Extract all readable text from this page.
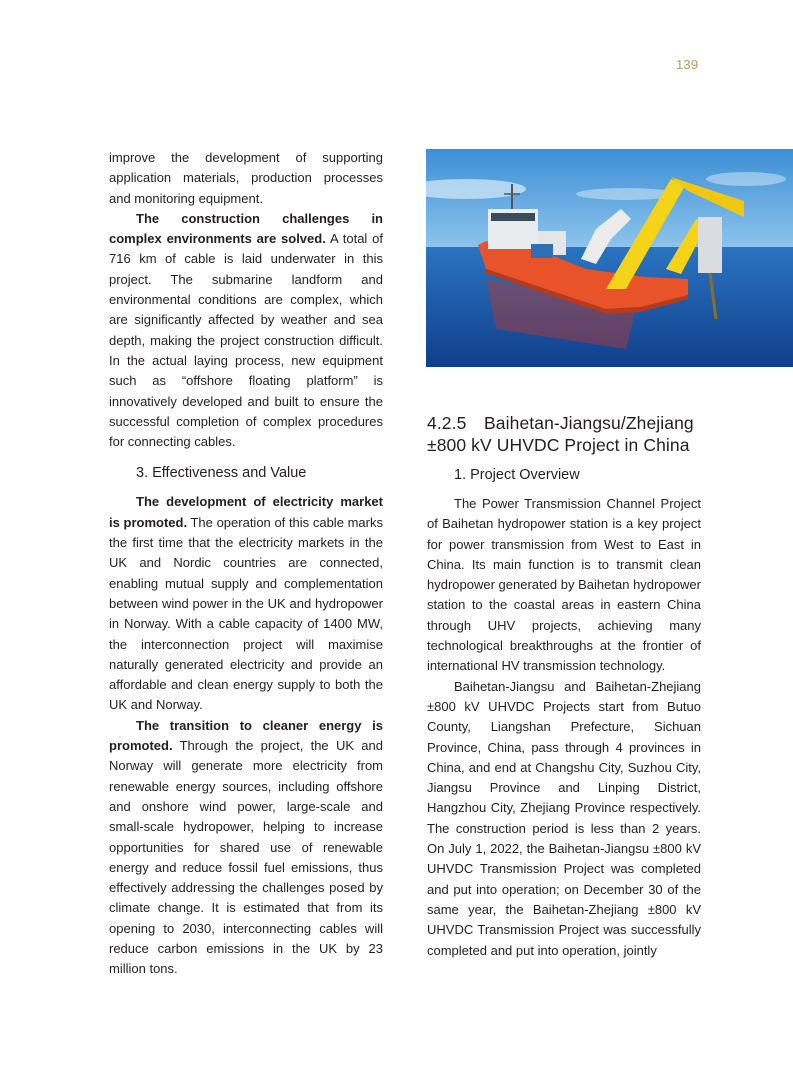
139

improve the development of supporting application materials, production processes and monitoring equipment.

The construction challenges in complex environments are solved. A total of 716 km of cable is laid underwater in this project. The submarine landform and environmental conditions are complex, which are significantly affected by weather and sea depth, making the project construction difficult. In the actual laying process, new equipment such as “offshore floating platform” is innovatively developed and built to ensure the successful completion of complex procedures for connecting cables.

3. Effectiveness and Value

The development of electricity market is promoted. The operation of this cable marks the first time that the electricity markets in the UK and Nordic countries are connected, enabling mutual supply and complementation between wind power in the UK and hydropower in Norway. With a cable capacity of 1400 MW, the interconnection project will maximise naturally generated electricity and provide an affordable and clean energy supply to both the UK and Norway.

The transition to cleaner energy is promoted. Through the project, the UK and Norway will generate more electricity from renewable energy sources, including offshore and onshore wind power, large-scale and small-scale hydropower, helping to increase opportunities for shared use of renewable energy and reduce fossil fuel emissions, thus effectively addressing the challenges posed by climate change. It is estimated that from its opening to 2030, interconnecting cables will reduce carbon emissions in the UK by 23 million tons.

4.2.5 Baihetan-Jiangsu/Zhejiang
±800 kV UHVDC Project in China
1. Project Overview

The Power Transmission Channel Project of Baihetan hydropower station is a key project for power transmission from West to East in China. Its main function is to transmit clean hydropower generated by Baihetan hydropower station to the coastal areas in eastern China through UHV projects, achieving many technological breakthroughs at the frontier of international HV transmission technology.

Baihetan-Jiangsu and Baihetan-Zhejiang ±800 kV UHVDC Projects start from Butuo County, Liangshan Prefecture, Sichuan Province, China, pass through 4 provinces in China, and end at Changshu City, Suzhou City, Jiangsu Province and Linping District, Hangzhou City, Zhejiang Province respectively. The construction period is less than 2 years. On July 1, 2022, the Baihetan-Jiangsu ±800 kV UHVDC Transmission Project was completed and put into operation; on December 30 of the same year, the Baihetan-Zhejiang ±800 kV UHVDC Transmission Project was successfully completed and put into operation, jointly
